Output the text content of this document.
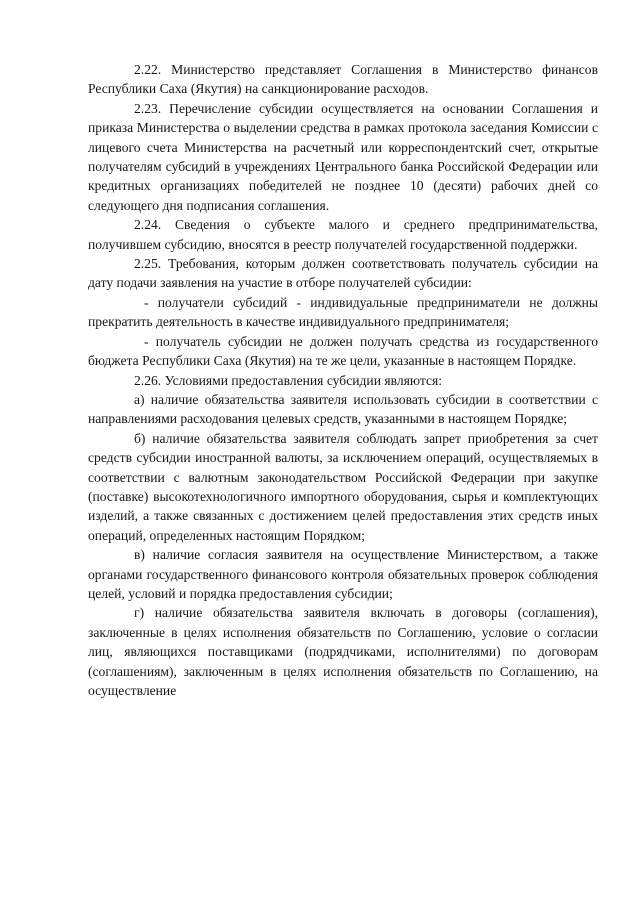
2.22. Министерство представляет Соглашения в Министерство финансов Республики Саха (Якутия) на санкционирование расходов.

2.23. Перечисление субсидии осуществляется на основании Соглашения и приказа Министерства о выделении средства в рамках протокола заседания Комиссии с лицевого счета Министерства на расчетный или корреспондентский счет, открытые получателям субсидий в учреждениях Центрального банка Российской Федерации или кредитных организациях победителей не позднее 10 (десяти) рабочих дней со следующего дня подписания соглашения.

2.24. Сведения о субъекте малого и среднего предпринимательства, получившем субсидию, вносятся в реестр получателей государственной поддержки.

2.25. Требования, которым должен соответствовать получатель субсидии на дату подачи заявления на участие в отборе получателей субсидии:

- получатели субсидий - индивидуальные предприниматели не должны прекратить деятельность в качестве индивидуального предпринимателя;

- получатель субсидии не должен получать средства из государственного бюджета Республики Саха (Якутия) на те же цели, указанные в настоящем Порядке.

2.26. Условиями предоставления субсидии являются:

а) наличие обязательства заявителя использовать субсидии в соответствии с направлениями расходования целевых средств, указанными в настоящем Порядке;

б) наличие обязательства заявителя соблюдать запрет приобретения за счет средств субсидии иностранной валюты, за исключением операций, осуществляемых в соответствии с валютным законодательством Российской Федерации при закупке (поставке) высокотехнологичного импортного оборудования, сырья и комплектующих изделий, а также связанных с достижением целей предоставления этих средств иных операций, определенных настоящим Порядком;

в) наличие согласия заявителя на осуществление Министерством, а также органами государственного финансового контроля обязательных проверок соблюдения целей, условий и порядка предоставления субсидии;

г) наличие обязательства заявителя включать в договоры (соглашения), заключенные в целях исполнения обязательств по Соглашению, условие о согласии лиц, являющихся поставщиками (подрядчиками, исполнителями) по договорам (соглашениям), заключенным в целях исполнения обязательств по Соглашению, на осуществление
